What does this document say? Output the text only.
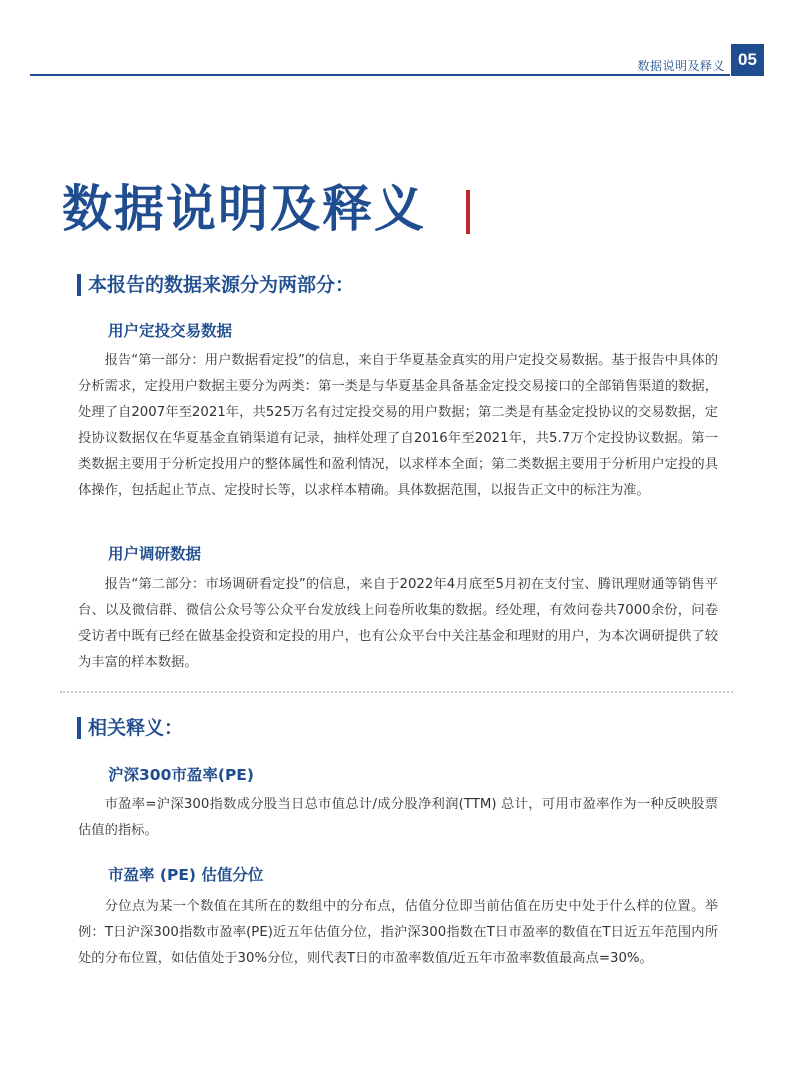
数据说明及释义 05
数据说明及释义
本报告的数据来源分为两部分：
用户定投交易数据

报告“第一部分：用户数据看定投”的信息，来自于华夏基金真实的用户定投交易数据。基于报告中具体的分析需求，定投用户数据主要分为两类：第一类是与华夏基金具备基金定投交易接口的全部销售渠道的数据，处理了自2007年至2021年，共525万名有过定投交易的用户数据；第二类是有基金定投协议的交易数据，定投协议数据仅在华夏基金直销渠道有记录，抽样处理了自2016年至2021年，共5.7万个定投协议数据。第一类数据主要用于分析定投用户的整体属性和盈利情况，以求样本全面；第二类数据主要用于分析用户定投的具体操作，包括起止节点、定投时长等，以求样本精确。具体数据范围，以报告正文中的标注为准。

用户调研数据

报告“第二部分：市场调研看定投”的信息，来自于2022年4月底至5月初在支付宝、腾讯理财通等销售平台、以及微信群、微信公众号等公众平台发放线上问卷所收集的数据。经处理，有效问卷共7000余份，问卷受访者中既有已经在做基金投资和定投的用户，也有公众平台中关注基金和理财的用户，为本次调研提供了较为丰富的样本数据。

相关释义：
沪深300市盈率(PE)

市盈率=沪深300指数成分股当日总市值总计/成分股净利润(TTM) 总计，可用市盈率作为一种反映股票估值的指标。

市盈率 (PE) 估值分位

分位点为某一个数值在其所在的数组中的分布点，估值分位即当前估值在历史中处于什么样的位置。举例：T日沪深300指数市盈率(PE)近五年估值分位，指沪深300指数在T日市盈率的数值在T日近五年范围内所处的分布位置，如估值处于30%分位，则代表T日的市盈率数值/近五年市盈率数值最高点=30%。
